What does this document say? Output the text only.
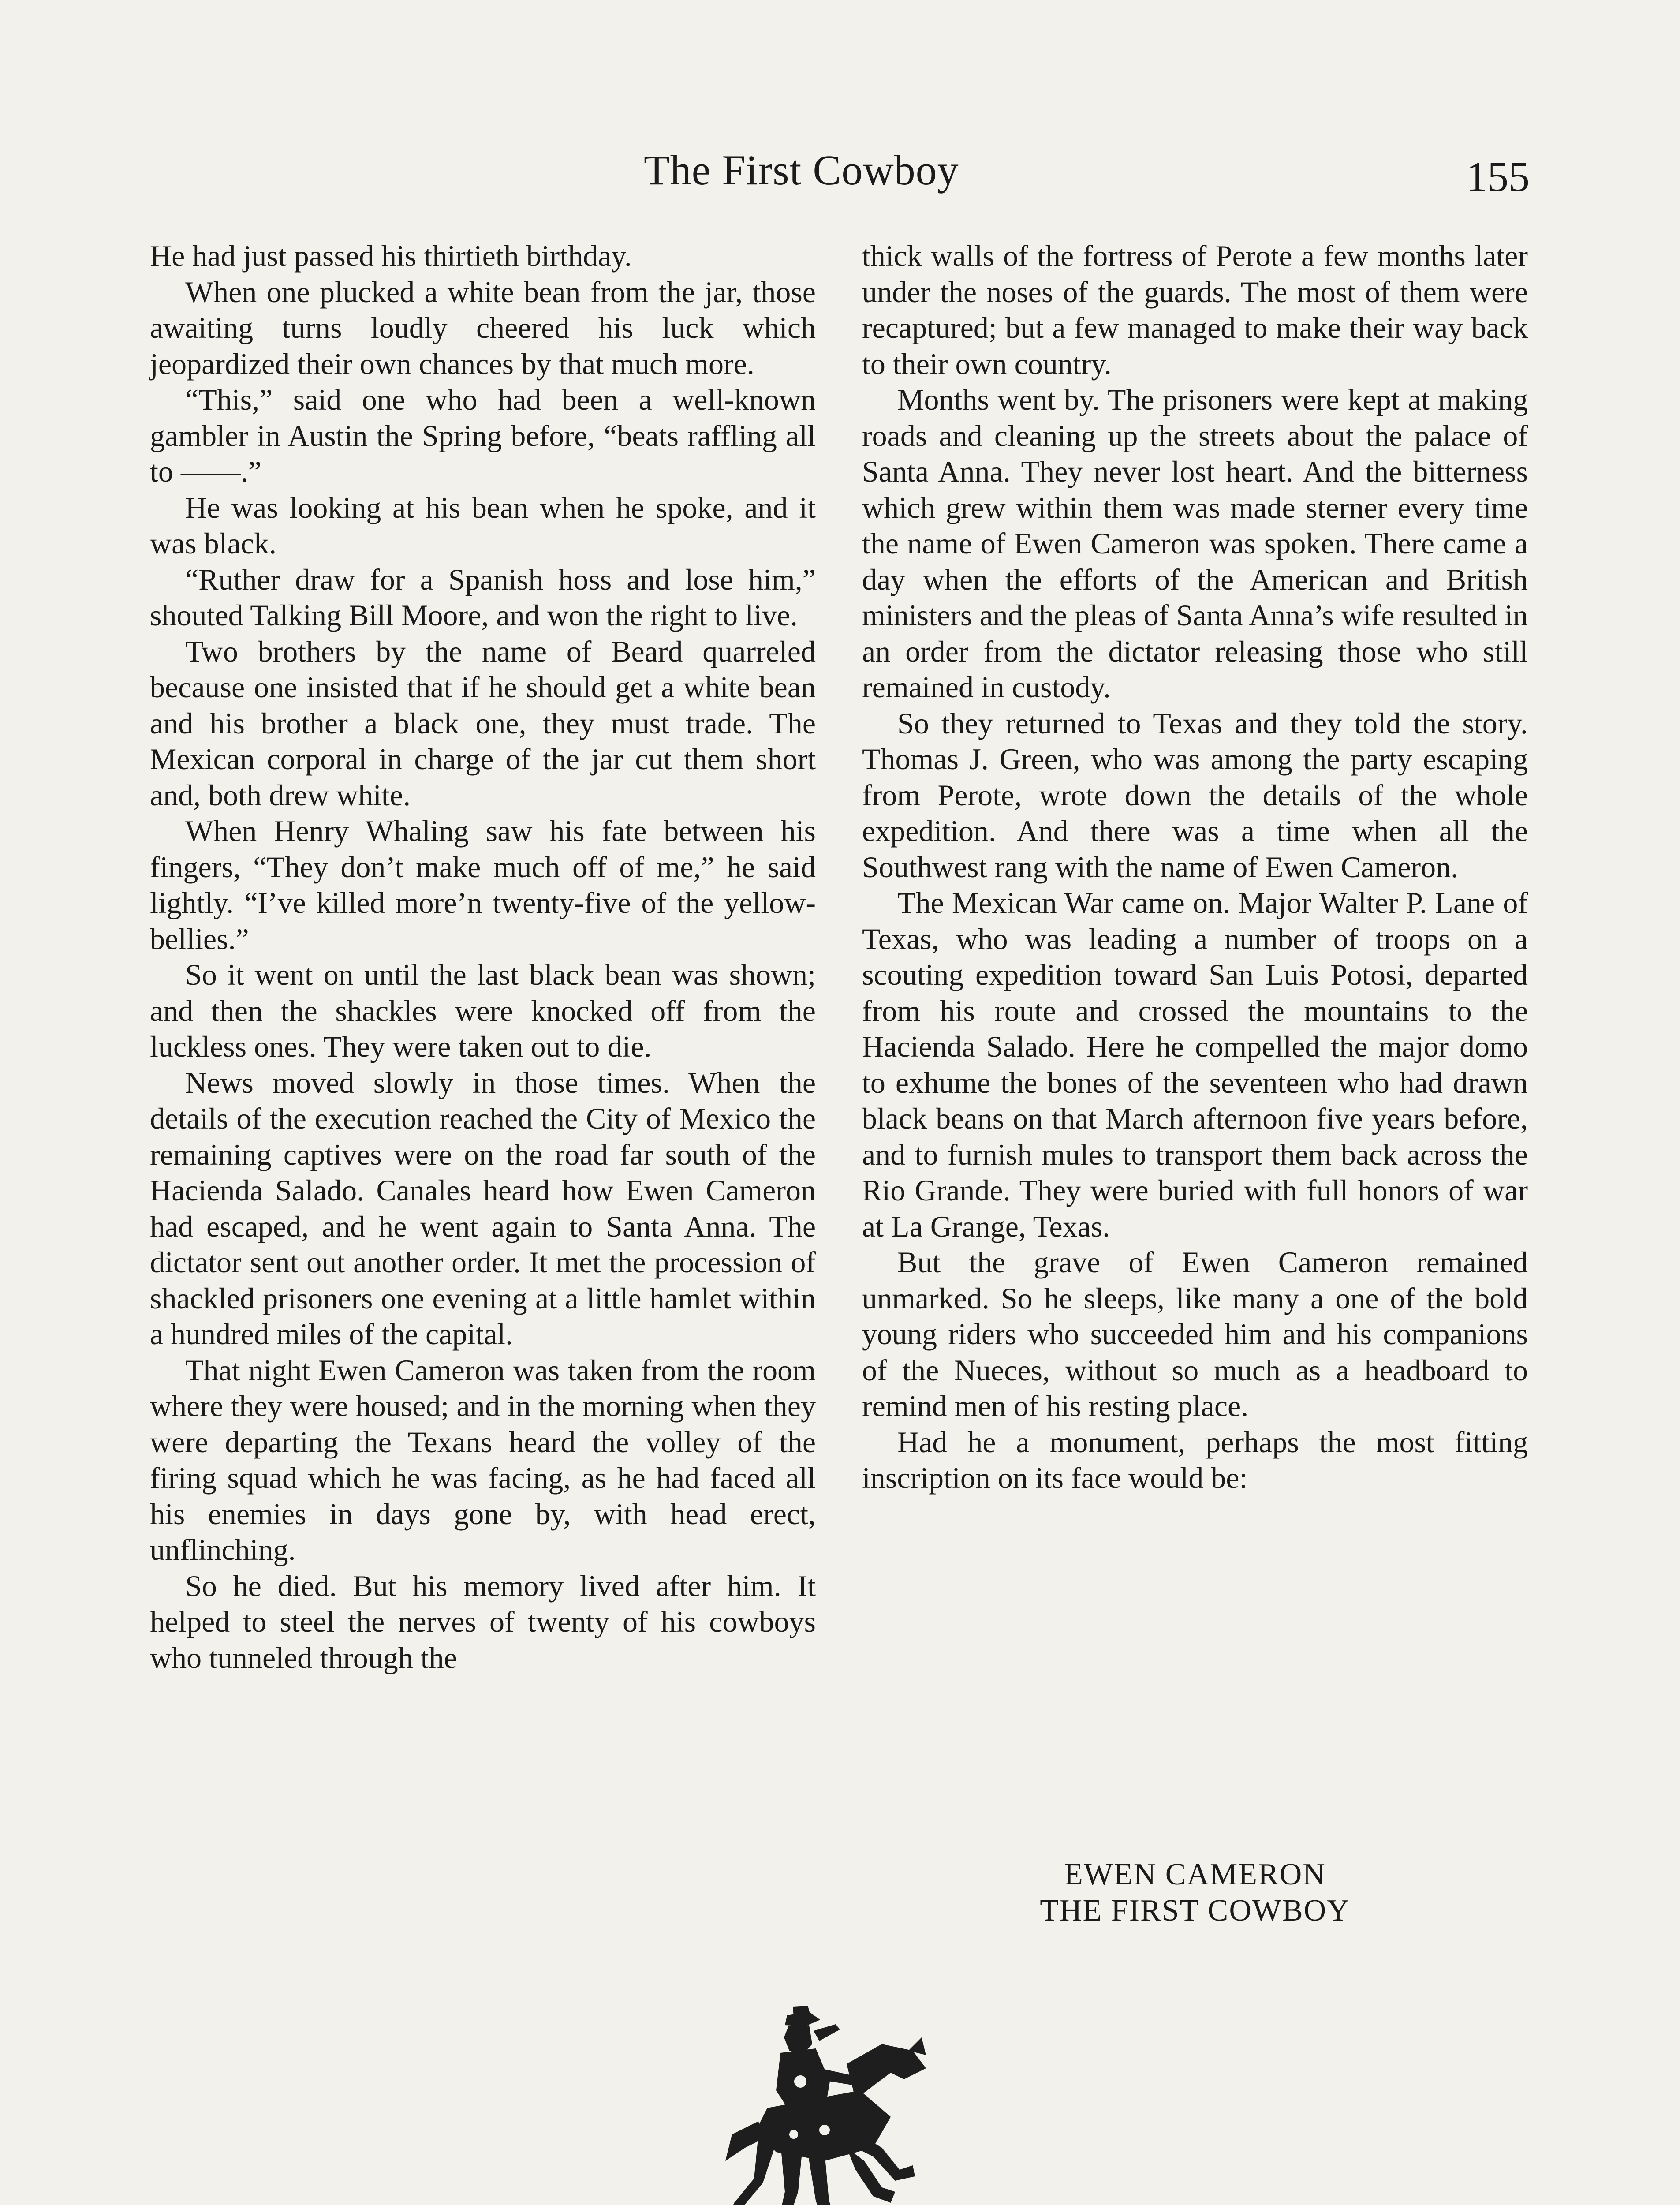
The First Cowboy	155

He had just passed his thirtieth birthday.

When one plucked a white bean from the jar, those awaiting turns loudly cheered his luck which jeopardized their own chances by that much more.

“This,” said one who had been a well-known gambler in Austin the Spring before, “beats raffling all to ——.”

He was looking at his bean when he spoke, and it was black.

“Ruther draw for a Spanish hoss and lose him,” shouted Talking Bill Moore, and won the right to live.

Two brothers by the name of Beard quarreled because one insisted that if he should get a white bean and his brother a black one, they must trade. The Mexican corporal in charge of the jar cut them short and, both drew white.

When Henry Whaling saw his fate between his fingers, “They don’t make much off of me,” he said lightly. “I’ve killed more’n twenty-five of the yellow-bellies.”

So it went on until the last black bean was shown; and then the shackles were knocked off from the luckless ones. They were taken out to die.

News moved slowly in those times. When the details of the execution reached the City of Mexico the remaining captives were on the road far south of the Hacienda Salado. Canales heard how Ewen Cameron had escaped, and he went again to Santa Anna. The dictator sent out another order. It met the procession of shackled prisoners one evening at a little hamlet within a hundred miles of the capital.

That night Ewen Cameron was taken from the room where they were housed; and in the morning when they were departing the Texans heard the volley of the firing squad which he was facing, as he had faced all his enemies in days gone by, with head erect, unflinching.

So he died. But his memory lived after him. It helped to steel the nerves of twenty of his cowboys who tunneled through the

thick walls of the fortress of Perote a few months later under the noses of the guards. The most of them were recaptured; but a few managed to make their way back to their own country.

Months went by. The prisoners were kept at making roads and cleaning up the streets about the palace of Santa Anna. They never lost heart. And the bitterness which grew within them was made sterner every time the name of Ewen Cameron was spoken. There came a day when the efforts of the American and British ministers and the pleas of Santa Anna’s wife resulted in an order from the dictator releasing those who still remained in custody.

So they returned to Texas and they told the story. Thomas J. Green, who was among the party escaping from Perote, wrote down the details of the whole expedition. And there was a time when all the Southwest rang with the name of Ewen Cameron.

The Mexican War came on. Major Walter P. Lane of Texas, who was leading a number of troops on a scouting expedition toward San Luis Potosi, departed from his route and crossed the mountains to the Hacienda Salado. Here he compelled the major domo to exhume the bones of the seventeen who had drawn black beans on that March afternoon five years before, and to furnish mules to transport them back across the Rio Grande. They were buried with full honors of war at La Grange, Texas.

But the grave of Ewen Cameron remained unmarked. So he sleeps, like many a one of the bold young riders who succeeded him and his companions of the Nueces, without so much as a headboard to remind men of his resting place.

Had he a monument, perhaps the most fitting inscription on its face would be:

EWEN CAMERON
THE FIRST COWBOY
